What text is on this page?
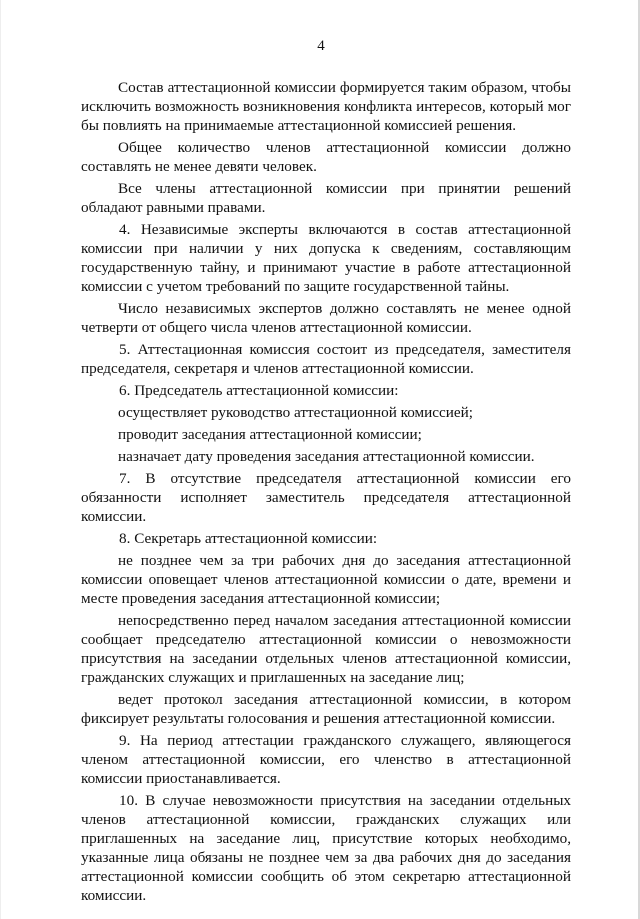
4

Состав аттестационной комиссии формируется таким образом, чтобы исключить возможность возникновения конфликта интересов, который мог бы повлиять на принимаемые аттестационной комиссией решения.

Общее количество членов аттестационной комиссии должно составлять не менее девяти человек.

Все члены аттестационной комиссии при принятии решений обладают равными правами.

4. Независимые эксперты включаются в состав аттестационной комиссии при наличии у них допуска к сведениям, составляющим государственную тайну, и принимают участие в работе аттестационной комиссии с учетом требований по защите государственной тайны.

Число независимых экспертов должно составлять не менее одной четверти от общего числа членов аттестационной комиссии.

5. Аттестационная комиссия состоит из председателя, заместителя председателя, секретаря и членов аттестационной комиссии.

6. Председатель аттестационной комиссии:

осуществляет руководство аттестационной комиссией;

проводит заседания аттестационной комиссии;

назначает дату проведения заседания аттестационной комиссии.

7. В отсутствие председателя аттестационной комиссии его обязанности исполняет заместитель председателя аттестационной комиссии.

8. Секретарь аттестационной комиссии:

не позднее чем за три рабочих дня до заседания аттестационной комиссии оповещает членов аттестационной комиссии о дате, времени и месте проведения заседания аттестационной комиссии;

непосредственно перед началом заседания аттестационной комиссии сообщает председателю аттестационной комиссии о невозможности присутствия на заседании отдельных членов аттестационной комиссии, гражданских служащих и приглашенных на заседание лиц;

ведет протокол заседания аттестационной комиссии, в котором фиксирует результаты голосования и решения аттестационной комиссии.

9. На период аттестации гражданского служащего, являющегося членом аттестационной комиссии, его членство в аттестационной комиссии приостанавливается.

10. В случае невозможности присутствия на заседании отдельных членов аттестационной комиссии, гражданских служащих или приглашенных на заседание лиц, присутствие которых необходимо, указанные лица обязаны не позднее чем за два рабочих дня до заседания аттестационной комиссии сообщить об этом секретарю аттестационной комиссии.
